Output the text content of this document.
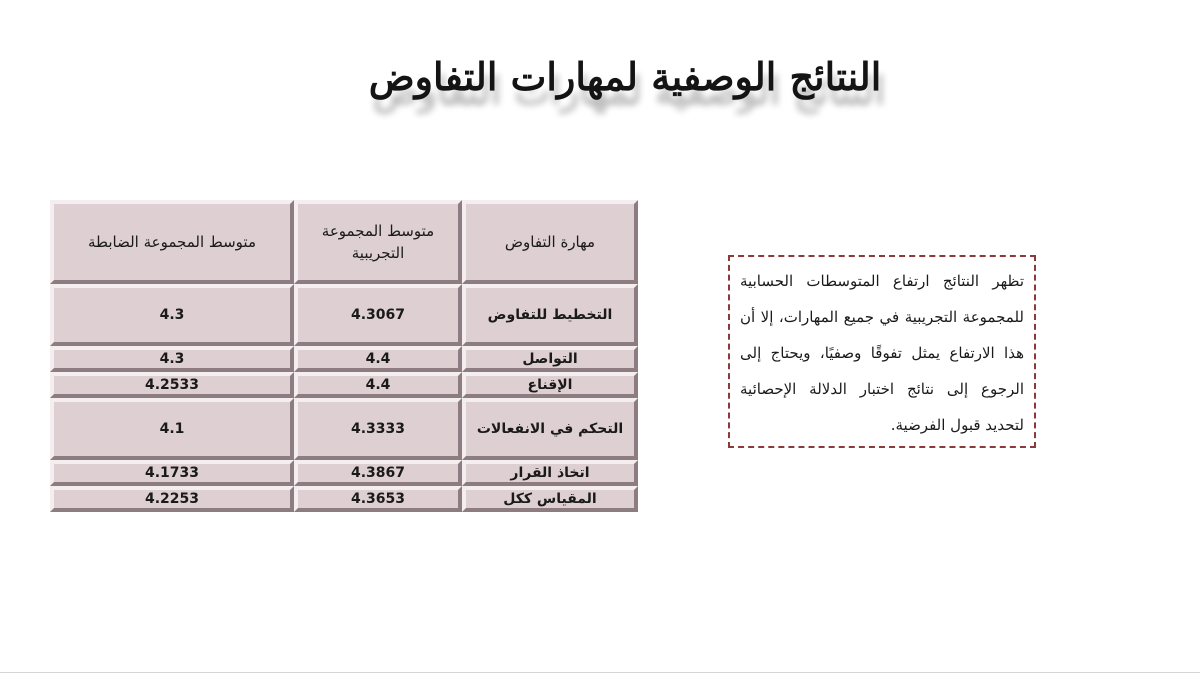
النتائج الوصفية لمهارات التفاوض
مهارة التفاوض	متوسط المجموعة التجريبية	متوسط المجموعة الضابطة
التخطيط للتفاوض	4.3067	4.3
التواصل	4.4	4.3
الإقناع	4.4	4.2533
التحكم في الانفعالات	4.3333	4.1
اتخاذ القرار	4.3867	4.1733
المقياس ككل	4.3653	4.2253
تظهر النتائج ارتفاع المتوسطات الحسابية للمجموعة التجريبية في جميع المهارات، إلا أن هذا الارتفاع يمثل تفوقًا وصفيًا، ويحتاج إلى الرجوع إلى نتائج اختبار الدلالة الإحصائية لتحديد قبول الفرضية.
